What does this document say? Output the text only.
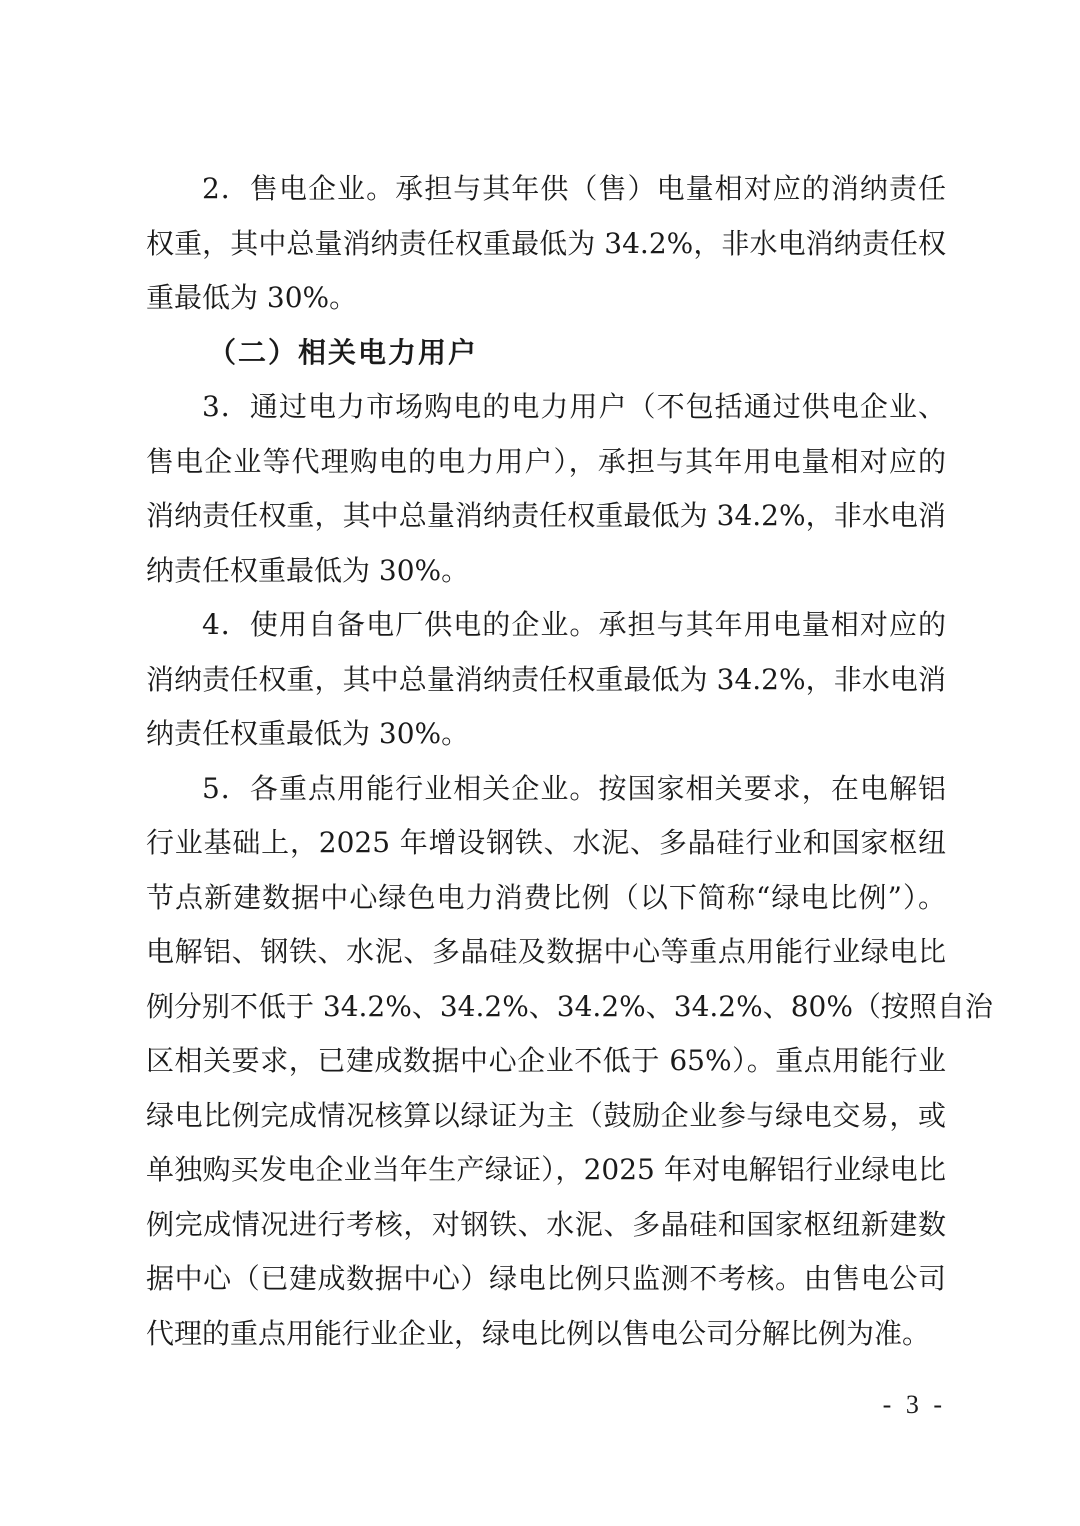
2．售电企业。承担与其年供（售）电量相对应的消纳责任
权重，其中总量消纳责任权重最低为 34.2%，非水电消纳责任权
重最低为 30%。
（二）相关电力用户
3．通过电力市场购电的电力用户（不包括通过供电企业、
售电企业等代理购电的电力用户），承担与其年用电量相对应的
消纳责任权重，其中总量消纳责任权重最低为 34.2%，非水电消
纳责任权重最低为 30%。
4．使用自备电厂供电的企业。承担与其年用电量相对应的
消纳责任权重，其中总量消纳责任权重最低为 34.2%，非水电消
纳责任权重最低为 30%。
5．各重点用能行业相关企业。按国家相关要求，在电解铝
行业基础上，2025 年增设钢铁、水泥、多晶硅行业和国家枢纽
节点新建数据中心绿色电力消费比例（以下简称“绿电比例”）。
电解铝、钢铁、水泥、多晶硅及数据中心等重点用能行业绿电比
例分别不低于 34.2%、34.2%、34.2%、34.2%、80%（按照自治
区相关要求，已建成数据中心企业不低于 65%）。重点用能行业
绿电比例完成情况核算以绿证为主（鼓励企业参与绿电交易，或
单独购买发电企业当年生产绿证），2025 年对电解铝行业绿电比
例完成情况进行考核，对钢铁、水泥、多晶硅和国家枢纽新建数
据中心（已建成数据中心）绿电比例只监测不考核。由售电公司
代理的重点用能行业企业，绿电比例以售电公司分解比例为准。
- 3 -
